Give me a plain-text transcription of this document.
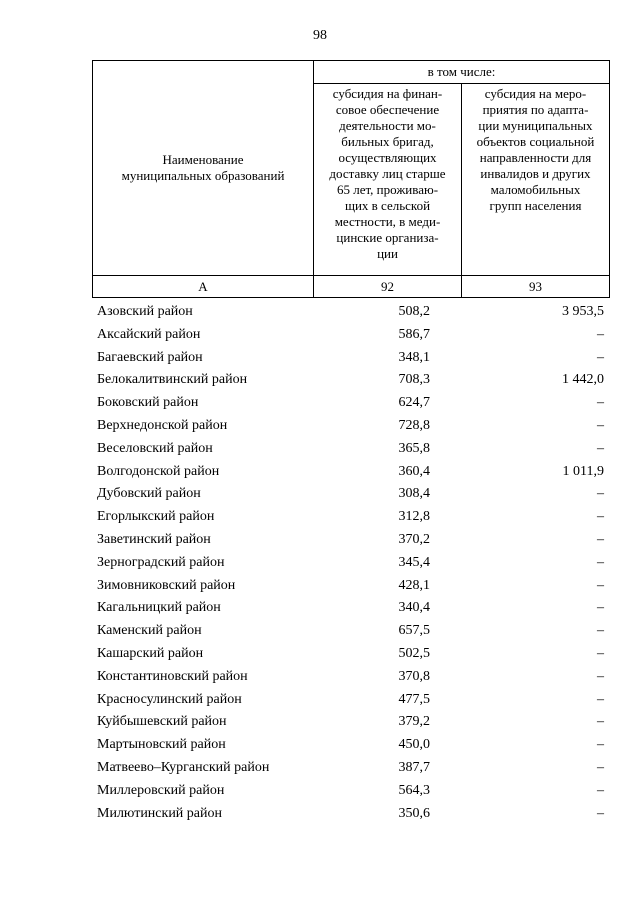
98
Наименование
муниципальных образований
в том числе:
субсидия на финан-
совое обеспечение
деятельности мо-
бильных бригад,
осуществляющих
доставку лиц старше
65 лет, проживаю-
щих в сельской
местности, в меди-
цинские организа-
ции
субсидия на меро-
приятия по адапта-
ции муниципальных
объектов социальной
направленности для
инвалидов и других
маломобильных
групп населения
А	92	93
Азовский район	508,2	3 953,5
Аксайский район	586,7	–
Багаевский район	348,1	–
Белокалитвинский район	708,3	1 442,0
Боковский район	624,7	–
Верхнедонской район	728,8	–
Веселовский район	365,8	–
Волгодонской район	360,4	1 011,9
Дубовский район	308,4	–
Егорлыкский район	312,8	–
Заветинский район	370,2	–
Зерноградский район	345,4	–
Зимовниковский район	428,1	–
Кагальницкий район	340,4	–
Каменский район	657,5	–
Кашарский район	502,5	–
Константиновский район	370,8	–
Красносулинский район	477,5	–
Куйбышевский район	379,2	–
Мартыновский район	450,0	–
Матвеево–Курганский район	387,7	–
Миллеровский район	564,3	–
Милютинский район	350,6	–
